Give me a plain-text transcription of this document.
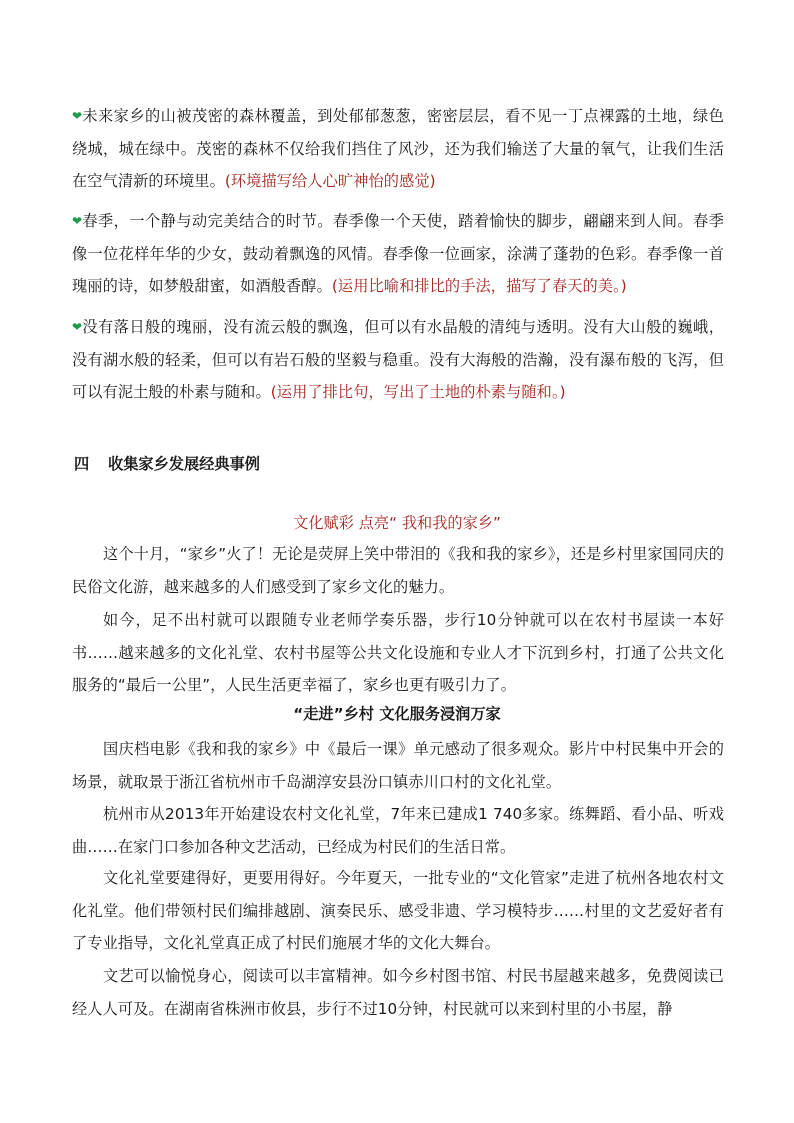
❤未来家乡的山被茂密的森林覆盖，到处郁郁葱葱，密密层层，看不见一丁点裸露的土地，绿色绕城，城在绿中。茂密的森林不仅给我们挡住了风沙，还为我们输送了大量的氧气，让我们生活在空气清新的环境里。(环境描写给人心旷神怡的感觉)

❤春季，一个静与动完美结合的时节。春季像一个天使，踏着愉快的脚步，翩翩来到人间。春季像一位花样年华的少女，鼓动着飘逸的风情。春季像一位画家，涂满了蓬勃的色彩。春季像一首瑰丽的诗，如梦般甜蜜，如酒般香醇。(运用比喻和排比的手法，描写了春天的美。)

❤没有落日般的瑰丽，没有流云般的飘逸，但可以有水晶般的清纯与透明。没有大山般的巍峨，没有湖水般的轻柔，但可以有岩石般的坚毅与稳重。没有大海般的浩瀚，没有瀑布般的飞泻，但可以有泥土般的朴素与随和。(运用了排比句，写出了土地的朴素与随和。)

四 收集家乡发展经典事例

文化赋彩 点亮“ 我和我的家乡”

这个十月，“家乡”火了！无论是荧屏上笑中带泪的《我和我的家乡》，还是乡村里家国同庆的民俗文化游，越来越多的人们感受到了家乡文化的魅力。

如今，足不出村就可以跟随专业老师学奏乐器，步行10分钟就可以在农村书屋读一本好书……越来越多的文化礼堂、农村书屋等公共文化设施和专业人才下沉到乡村，打通了公共文化服务的“最后一公里”，人民生活更幸福了，家乡也更有吸引力了。

“走进”乡村 文化服务浸润万家

国庆档电影《我和我的家乡》中《最后一课》单元感动了很多观众。影片中村民集中开会的场景，就取景于浙江省杭州市千岛湖淳安县汾口镇赤川口村的文化礼堂。

杭州市从2013年开始建设农村文化礼堂，7年来已建成1 740多家。练舞蹈、看小品、听戏曲……在家门口参加各种文艺活动，已经成为村民们的生活日常。

文化礼堂要建得好，更要用得好。今年夏天，一批专业的“文化管家”走进了杭州各地农村文化礼堂。他们带领村民们编排越剧、演奏民乐、感受非遗、学习模特步……村里的文艺爱好者有了专业指导，文化礼堂真正成了村民们施展才华的文化大舞台。

文艺可以愉悦身心，阅读可以丰富精神。如今乡村图书馆、村民书屋越来越多，免费阅读已经人人可及。在湖南省株洲市攸县，步行不过10分钟，村民就可以来到村里的小书屋，静
